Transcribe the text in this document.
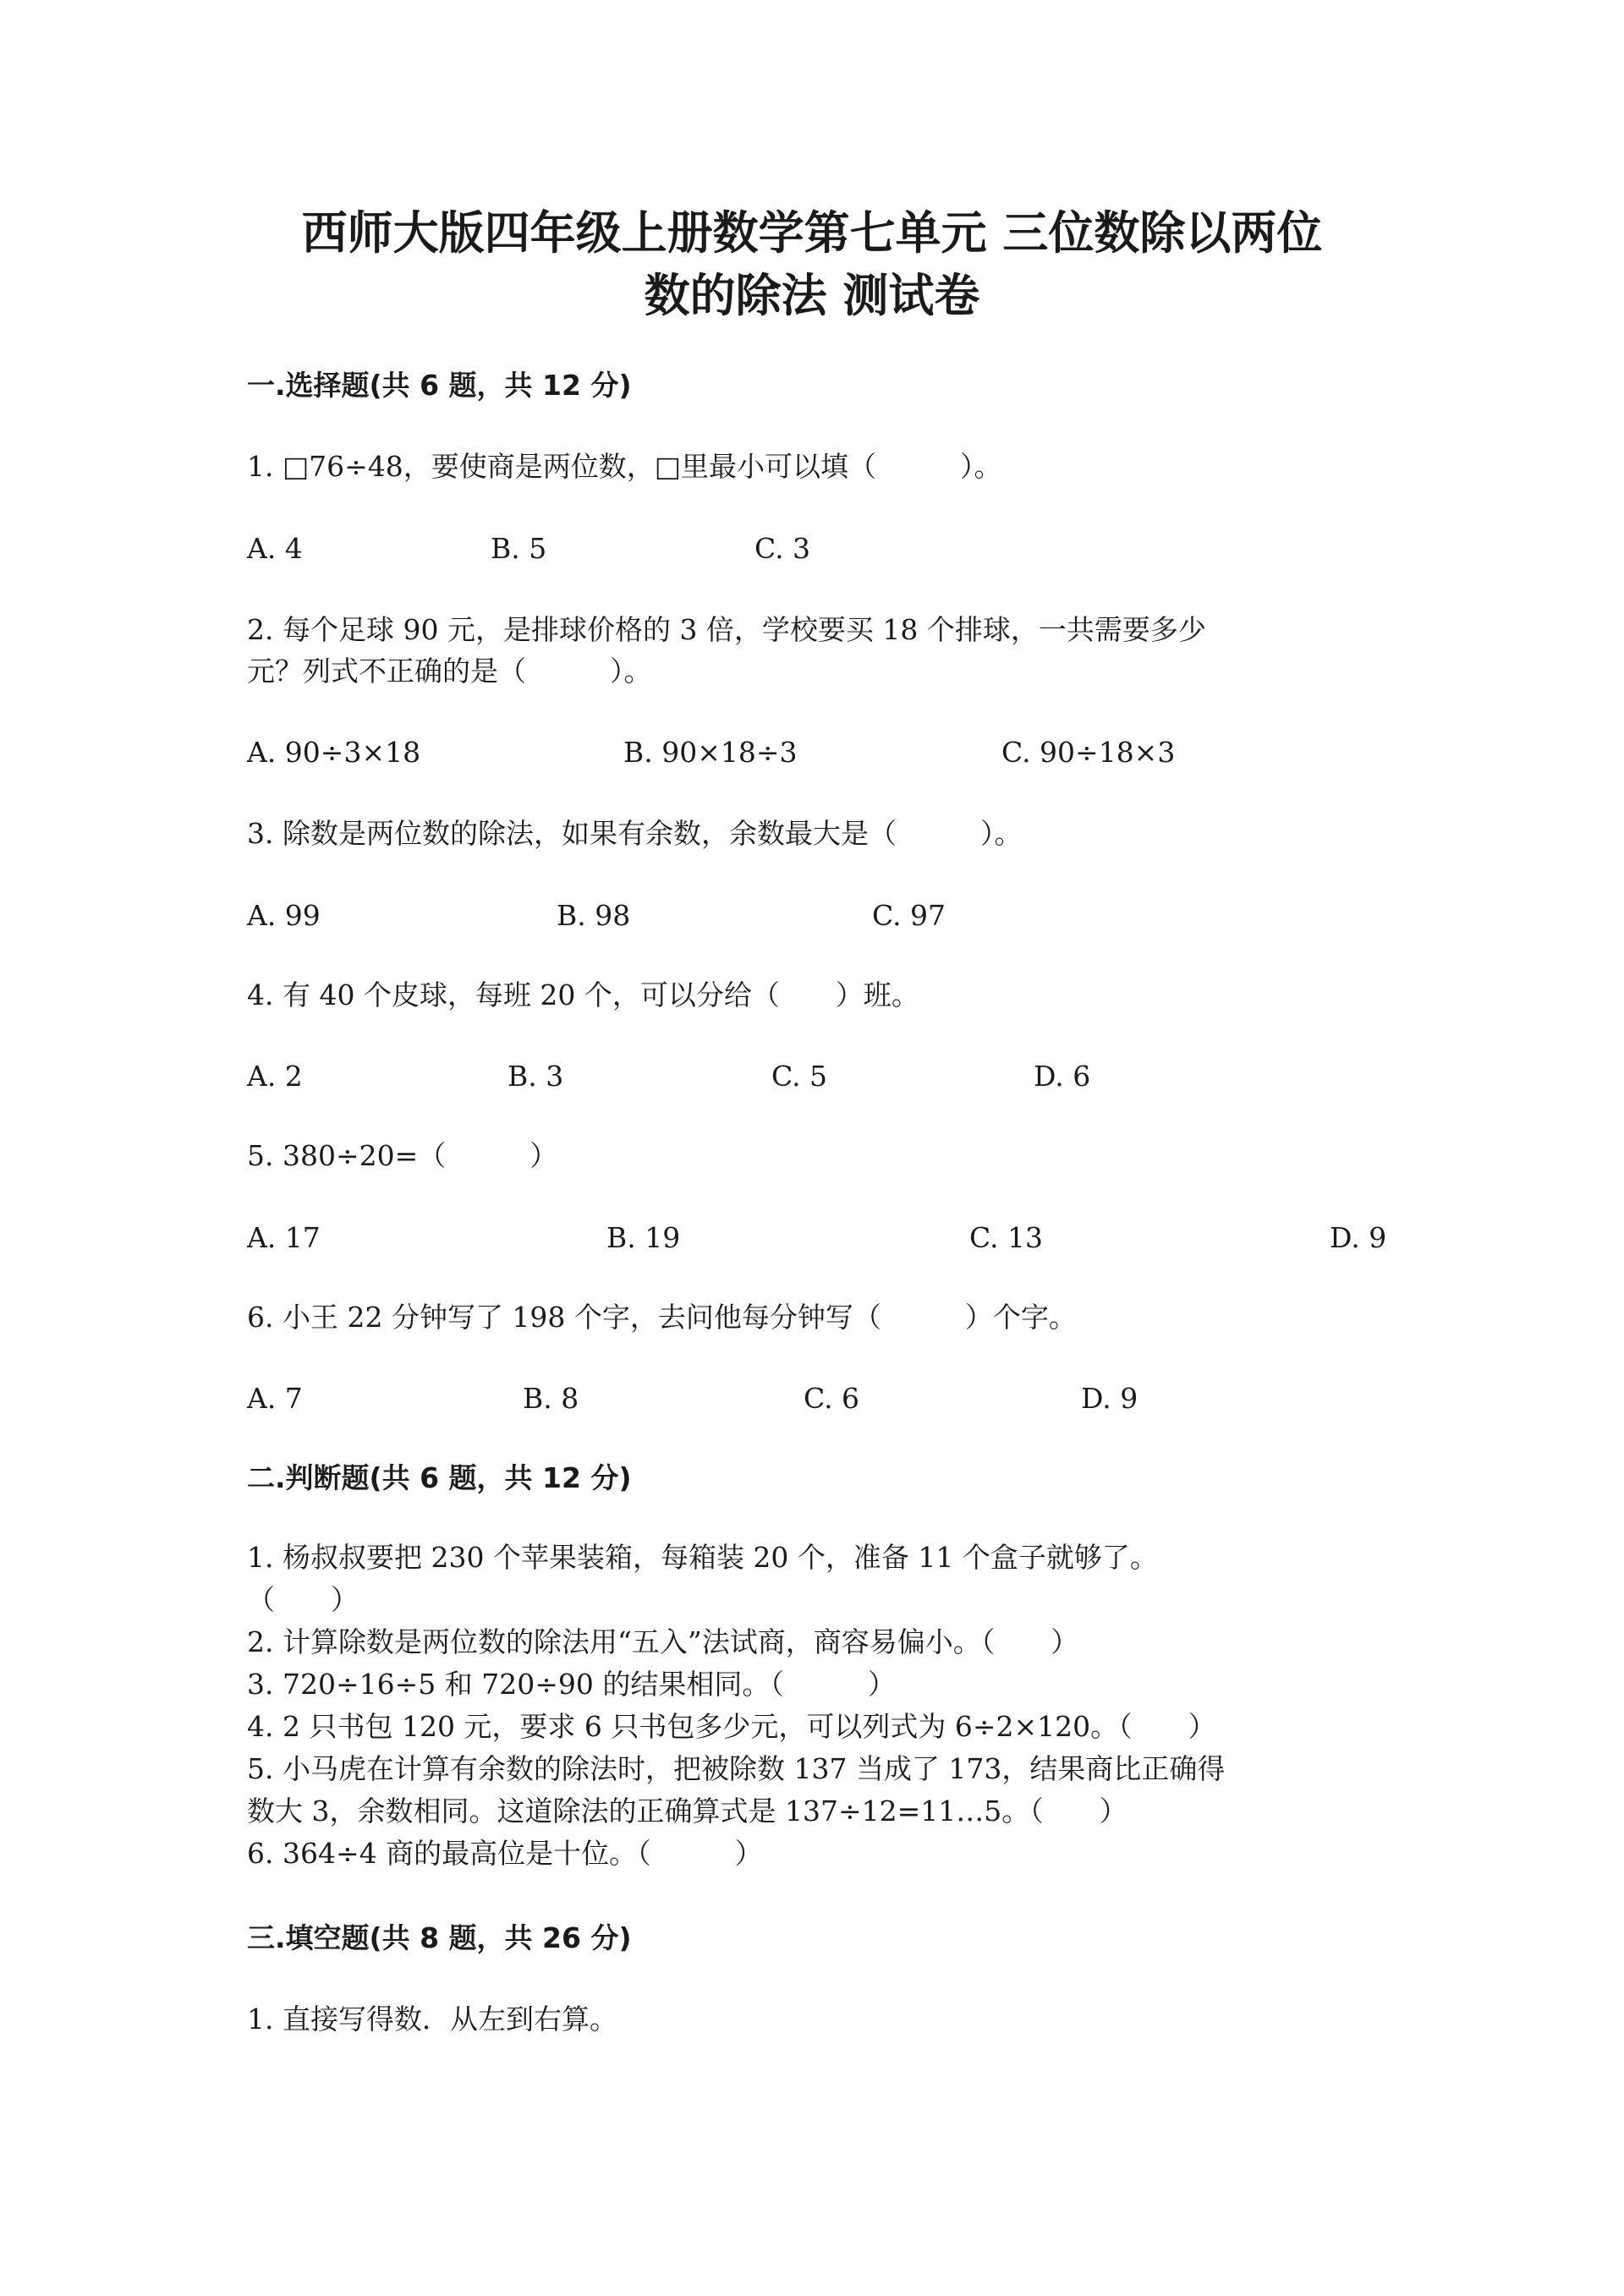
西师大版四年级上册数学第七单元 三位数除以两位
数的除法 测试卷
一.选择题(共 6 题，共 12 分)
1. □76÷48，要使商是两位数，□里最小可以填（　　　）。
A. 4	B. 5	C. 3
2. 每个足球 90 元，是排球价格的 3 倍，学校要买 18 个排球，一共需要多少
元？列式不正确的是（　　　）。
A. 90÷3×18	B. 90×18÷3	C. 90÷18×3
3. 除数是两位数的除法，如果有余数，余数最大是（　　　）。
A. 99	B. 98	C. 97
4. 有 40 个皮球，每班 20 个，可以分给（　　）班。
A. 2	B. 3	C. 5	D. 6
5. 380÷20=（　　　）
A. 17	B. 19	C. 13	D. 9
6. 小王 22 分钟写了 198 个字，去问他每分钟写（　　　）个字。
A. 7	B. 8	C. 6	D. 9
二.判断题(共 6 题，共 12 分)
1. 杨叔叔要把 230 个苹果装箱，每箱装 20 个，准备 11 个盒子就够了。
（　　）
2. 计算除数是两位数的除法用“五入”法试商，商容易偏小。（　　）
3. 720÷16÷5 和 720÷90 的结果相同。（　　　）
4. 2 只书包 120 元，要求 6 只书包多少元，可以列式为 6÷2×120。（　　）
5. 小马虎在计算有余数的除法时，把被除数 137 当成了 173，结果商比正确得
数大 3，余数相同。这道除法的正确算式是 137÷12=11…5。（　　）
6. 364÷4 商的最高位是十位。（　　　）
三.填空题(共 8 题，共 26 分)
1. 直接写得数．从左到右算。
